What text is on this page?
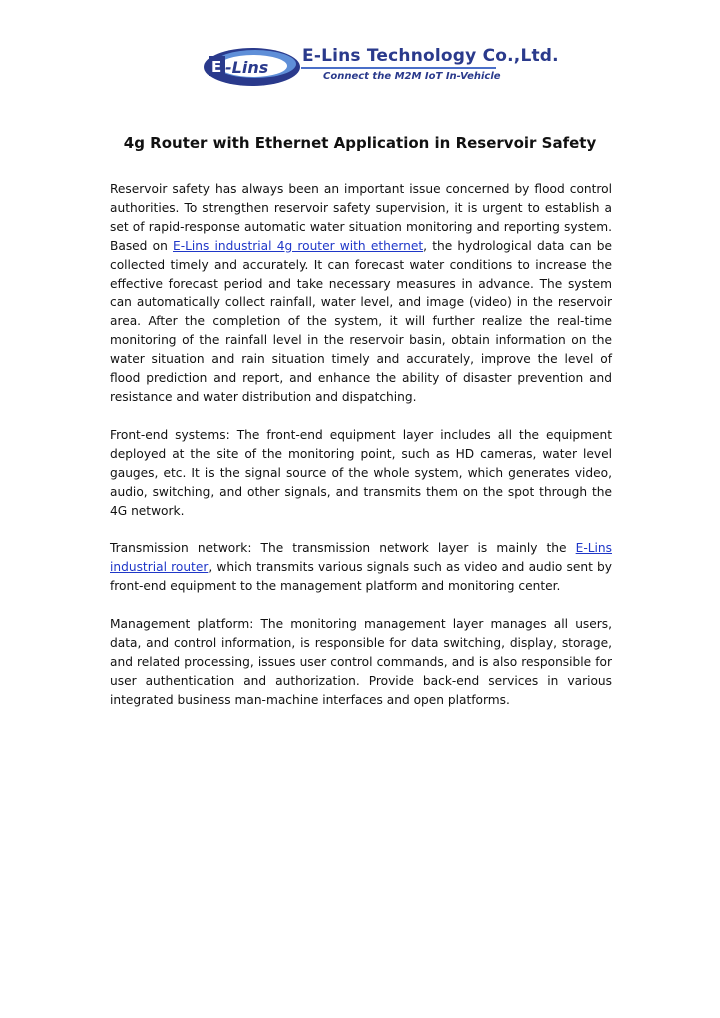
E -Lins
E-Lins Technology Co.,Ltd.
Connect the M2M IoT In-Vehicle
4g Router with Ethernet Application in Reservoir Safety

Reservoir safety has always been an important issue concerned by flood control authorities. To strengthen reservoir safety supervision, it is urgent to establish a set of rapid-response automatic water situation monitoring and reporting system. Based on E-Lins industrial 4g router with ethernet, the hydrological data can be collected timely and accurately. It can forecast water conditions to increase the effective forecast period and take necessary measures in advance. The system can automatically collect rainfall, water level, and image (video) in the reservoir area. After the completion of the system, it will further realize the real-time monitoring of the rainfall level in the reservoir basin, obtain information on the water situation and rain situation timely and accurately, improve the level of flood prediction and report, and enhance the ability of disaster prevention and resistance and water distribution and dispatching.

Front-end systems: The front-end equipment layer includes all the equipment deployed at the site of the monitoring point, such as HD cameras, water level gauges, etc. It is the signal source of the whole system, which generates video, audio, switching, and other signals, and transmits them on the spot through the 4G network.

Transmission network: The transmission network layer is mainly the E-Lins industrial router, which transmits various signals such as video and audio sent by front-end equipment to the management platform and monitoring center.

Management platform: The monitoring management layer manages all users, data, and control information, is responsible for data switching, display, storage, and related processing, issues user control commands, and is also responsible for user authentication and authorization. Provide back-end services in various integrated business man-machine interfaces and open platforms.
